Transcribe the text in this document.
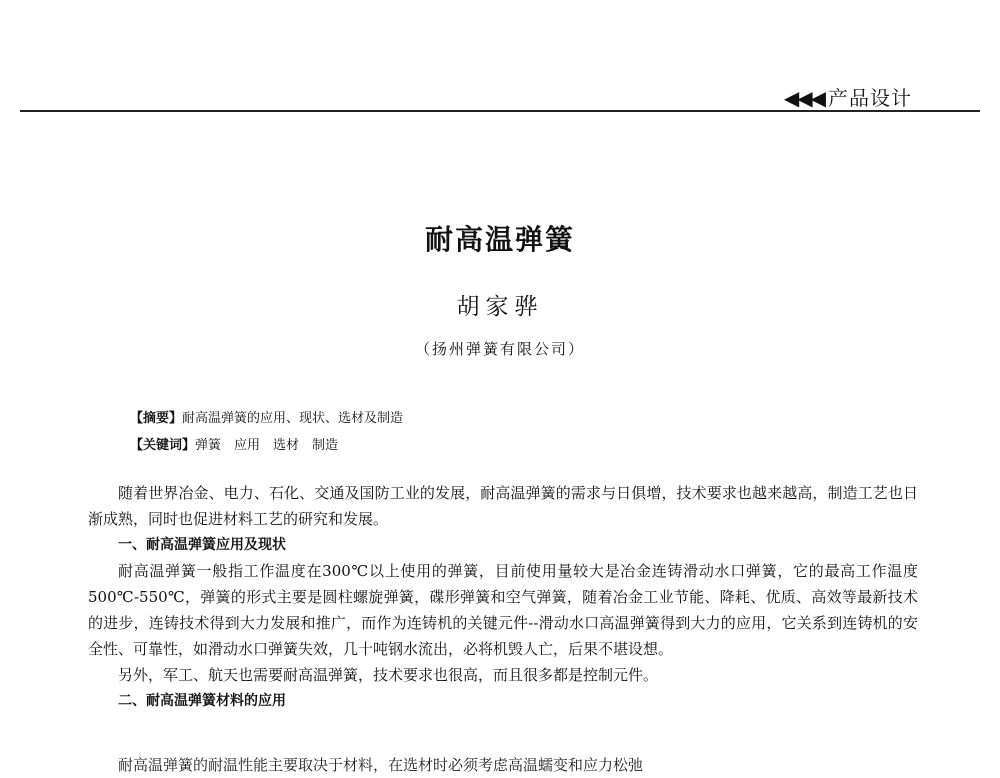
◀◀◀ 产品设计
耐高温弹簧
胡家骅
（扬州弹簧有限公司）
【摘要】耐高温弹簧的应用、现状、选材及制造
【关键词】弹簧　应用　选材　制造

随着世界冶金、电力、石化、交通及国防工业的发展，耐高温弹簧的需求与日俱增，技术要求也越来越高，制造工艺也日渐成熟，同时也促进材料工艺的研究和发展。

一、耐高温弹簧应用及现状

耐高温弹簧一般指工作温度在300℃以上使用的弹簧，目前使用量较大是冶金连铸滑动水口弹簧，它的最高工作温度500℃-550℃，弹簧的形式主要是圆柱螺旋弹簧，碟形弹簧和空气弹簧，随着冶金工业节能、降耗、优质、高效等最新技术的进步，连铸技术得到大力发展和推广，而作为连铸机的关键元件--滑动水口高温弹簧得到大力的应用，它关系到连铸机的安全性、可靠性，如滑动水口弹簧失效，几十吨钢水流出，必将机毁人亡，后果不堪设想。

另外，军工、航天也需要耐高温弹簧，技术要求也很高，而且很多都是控制元件。

二、耐高温弹簧材料的应用

耐高温弹簧的耐温性能主要取决于材料，在选材时必须考虑高温蠕变和应力松弛
